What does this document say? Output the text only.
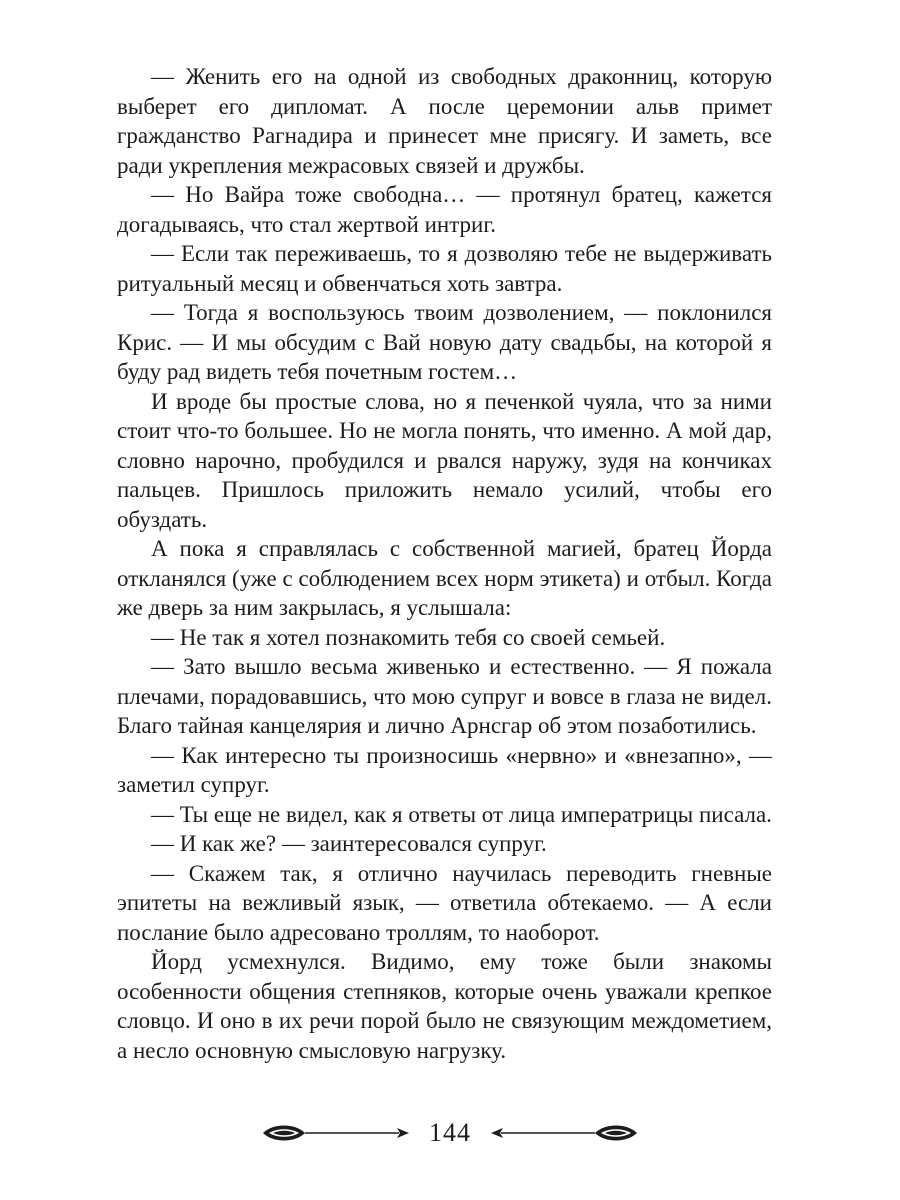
— Женить его на одной из свободных драконниц, которую выберет его дипломат. А после церемонии альв примет гражданство Рагнадира и принесет мне присягу. И заметь, все ради укрепления межрасовых связей и дружбы.

— Но Вайра тоже свободна… — протянул братец, кажется догадываясь, что стал жертвой интриг.

— Если так переживаешь, то я дозволяю тебе не выдерживать ритуальный месяц и обвенчаться хоть завтра.

— Тогда я воспользуюсь твоим дозволением, — поклонился Крис. — И мы обсудим с Вай новую дату свадьбы, на которой я буду рад видеть тебя почетным гостем…

И вроде бы простые слова, но я печенкой чуяла, что за ними стоит что-то большее. Но не могла понять, что именно. А мой дар, словно нарочно, пробудился и рвался наружу, зудя на кончиках пальцев. Пришлось приложить немало усилий, чтобы его обуздать.

А пока я справлялась с собственной магией, братец Йорда откланялся (уже с соблюдением всех норм этикета) и отбыл. Когда же дверь за ним закрылась, я услышала:

— Не так я хотел познакомить тебя со своей семьей.

— Зато вышло весьма живенько и естественно. — Я пожала плечами, порадовавшись, что мою супруг и вовсе в глаза не видел. Благо тайная канцелярия и лично Арнсгар об этом позаботились.

— Как интересно ты произносишь «нервно» и «внезапно», — заметил супруг.

— Ты еще не видел, как я ответы от лица императрицы писала.

— И как же? — заинтересовался супруг.

— Скажем так, я отлично научилась переводить гневные эпитеты на вежливый язык, — ответила обтекаемо. — А если послание было адресовано троллям, то наоборот.

Йорд усмехнулся. Видимо, ему тоже были знакомы особенности общения степняков, которые очень уважали крепкое словцо. И оно в их речи порой было не связующим междометием, а несло основную смысловую нагрузку.

144
